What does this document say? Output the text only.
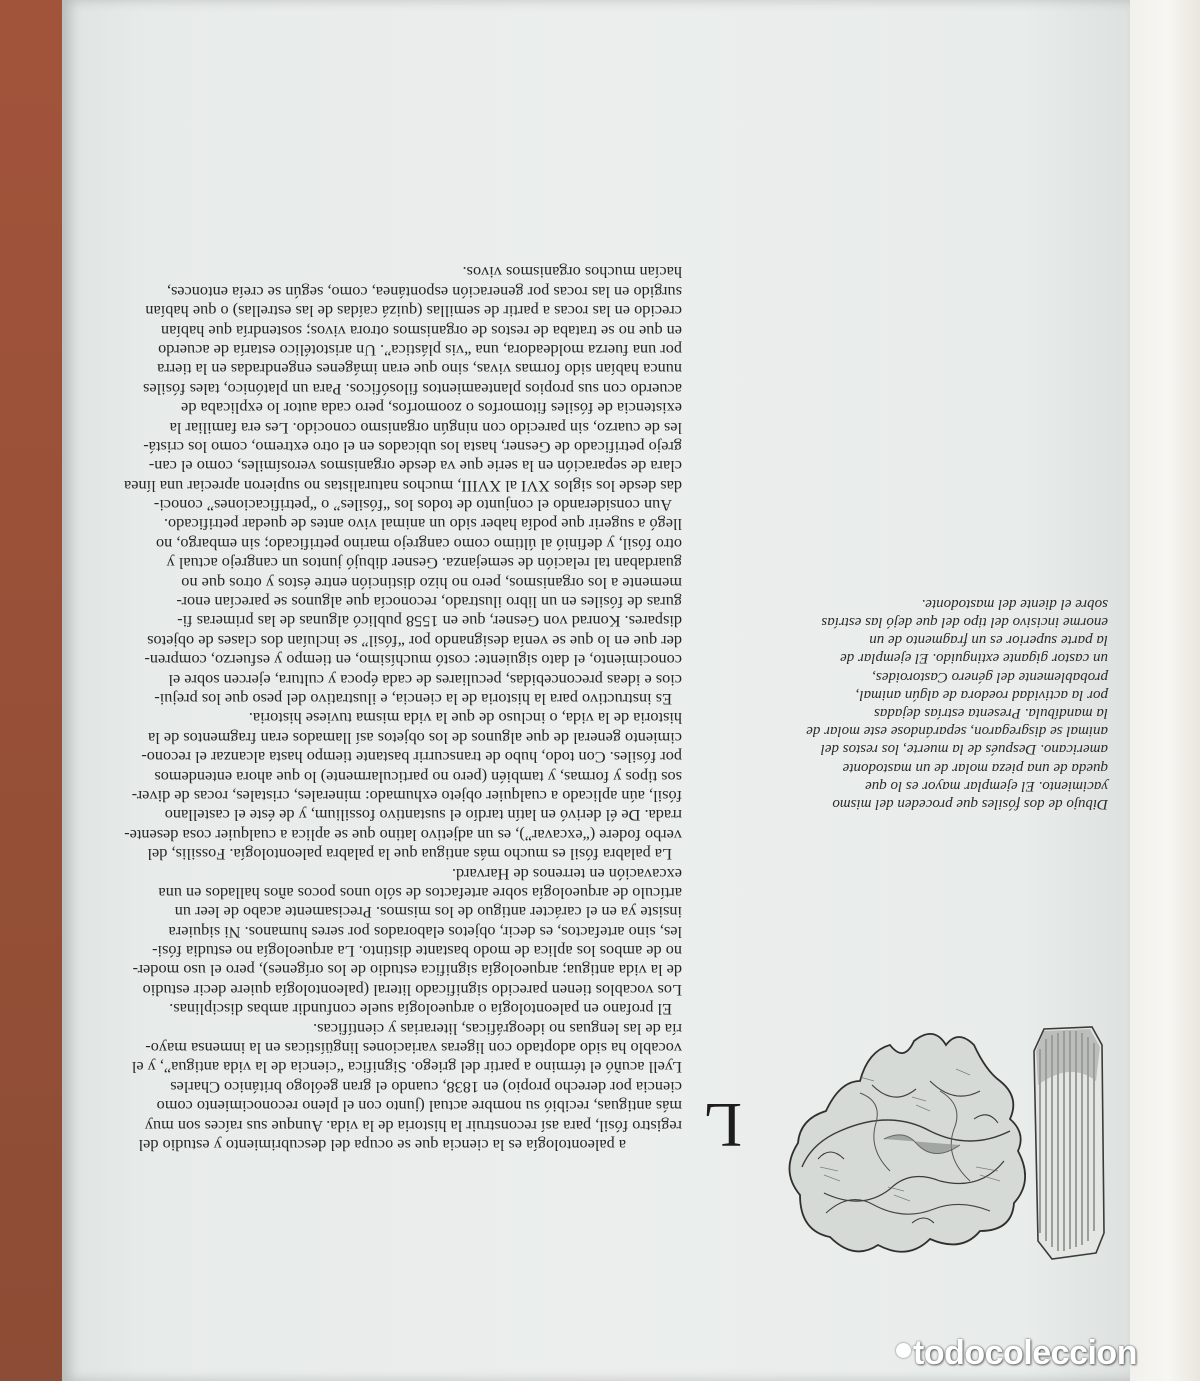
L
a paleontología es la ciencia que se ocupa del descubrimiento y estudio del
registro fósil, para así reconstruir la historia de la vida. Aunque sus raíces son muy
más antiguas, recibió su nombre actual (junto con el pleno reconocimiento como
ciencia por derecho propio) en 1838, cuando el gran geólogo británico Charles
Lyell acuñó el término a partir del griego. Significa “ciencia de la vida antigua”, y el
vocablo ha sido adoptado con ligeras variaciones lingüísticas en la inmensa mayo-
ría de las lenguas no ideográficas, literarias y científicas.
El profano en paleontología o arqueología suele confundir ambas disciplinas.
Los vocablos tienen parecido significado literal (paleontología quiere decir estudio
de la vida antigua; arqueología significa estudio de los orígenes), pero el uso moder-
no de ambos los aplica de modo bastante distinto. La arqueología no estudia fósi-
les, sino artefactos, es decir, objetos elaborados por seres humanos. Ni siquiera
insiste ya en el carácter antiguo de los mismos. Precisamente acabo de leer un
artículo de arqueología sobre artefactos de sólo unos pocos años hallados en una
excavación en terrenos de Harvard.
La palabra fósil es mucho más antigua que la palabra paleontología. Fossilis, del
verbo fodere (“excavar”), es un adjetivo latino que se aplica a cualquier cosa desente-
rrada. De él derivó en latín tardío el sustantivo fossilium, y de éste el castellano
fósil, aún aplicado a cualquier objeto exhumado: minerales, cristales, rocas de diver-
sos tipos y formas, y también (pero no particularmente) lo que ahora entendemos
por fósiles. Con todo, hubo de transcurrir bastante tiempo hasta alcanzar el recono-
cimiento general de que algunos de los objetos así llamados eran fragmentos de la
historia de la vida, o incluso de que la vida misma tuviese historia.
Es instructivo para la historia de la ciencia, e ilustrativo del peso que los prejui-
cios e ideas preconcebidas, peculiares de cada época y cultura, ejercen sobre el
conocimiento, el dato siguiente: costó muchísimo, en tiempo y esfuerzo, compren-
der que en lo que se venía designando por “fósil” se incluían dos clases de objetos
dispares. Konrad von Gesner, que en 1558 publicó algunas de las primeras fi-
guras de fósiles en un libro ilustrado, reconocía que algunos se parecían enor-
memente a los organismos, pero no hizo distinción entre éstos y otros que no
guardaban tal relación de semejanza. Gesner dibujó juntos un cangrejo actual y
otro fósil, y definió al último como cangrejo marino petrificado; sin embargo, no
llegó a sugerir que podía haber sido un animal vivo antes de quedar petrificado.
Aun considerando el conjunto de todos los “fósiles” o “petrificaciones” conoci-
das desde los siglos XVI al XVIII, muchos naturalistas no supieron apreciar una línea
clara de separación en la serie que va desde organismos verosímiles, como el can-
grejo petrificado de Gesner, hasta los ubicados en el otro extremo, como los cristá-
les de cuarzo, sin parecido con ningún organismo conocido. Les era familiar la
existencia de fósiles fitomorfos o zoomorfos, pero cada autor lo explicaba de
acuerdo con sus propios planteamientos filosóficos. Para un platónico, tales fósiles
nunca habían sido formas vivas, sino que eran imágenes engendradas en la tierra
por una fuerza moldeadora, una “vis plástica”. Un aristotélico estaría de acuerdo
en que no se trataba de restos de organismos otrora vivos; sostendría que habían
crecido en las rocas a partir de semillas (quizá caídas de las estrellas) o que habían
surgido en las rocas por generación espontánea, como, según se creía entonces,
hacían muchos organismos vivos.
Dibujo de dos fósiles que proceden del mismo
yacimiento. El ejemplar mayor es lo que
queda de una pieza molar de un mastodonte
americano. Después de la muerte, los restos del
animal se disgregaron, separándose este molar de
la mandíbula. Presenta estrías dejadas
por la actividad roedora de algún animal,
probablemente del género Castoroides,
un castor gigante extinguido. El ejemplar de
la parte superior es un fragmento de un
enorme incisivo del tipo del que dejó las estrías
sobre el diente del mastodonte.
todocoleccion
